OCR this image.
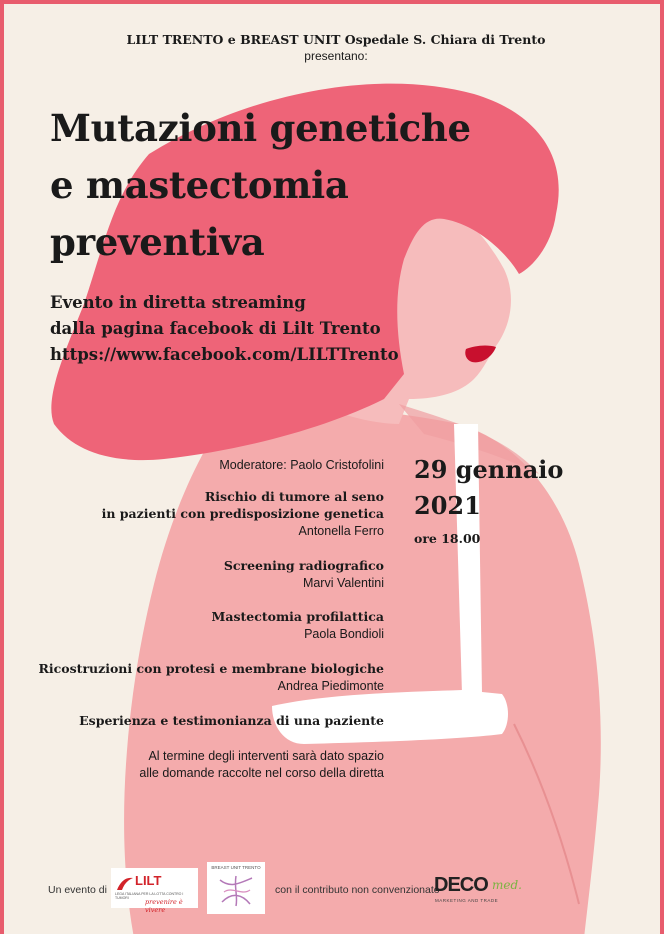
LILT TRENTO e BREAST UNIT Ospedale S. Chiara di Trento
presentano:
Mutazioni genetiche
e mastectomia
preventiva
Evento in diretta streaming
dalla pagina facebook di Lilt Trento
https://www.facebook.com/LILTTrento
Moderatore: Paolo Cristofolini
Rischio di tumore al seno
in pazienti con predisposizione genetica
Antonella Ferro
Screening radiografico
Marvi Valentini
Mastectomia profilattica
Paola Bondioli
Ricostruzioni con protesi e membrane biologiche
Andrea Piedimonte
Esperienza e testimonianza di una paziente
Al termine degli interventi sarà dato spazio
alle domande raccolte nel corso della diretta
29 gennaio
2021
ore 18.00
Un evento di
LILT
LEGA ITALIANA PER LA LOTTA CONTRO I TUMORI	prevenire è vivere
BREAST UNIT TRENTO
con il contributo non convenzionato
DECO med.
MARKETING AND TRADE
